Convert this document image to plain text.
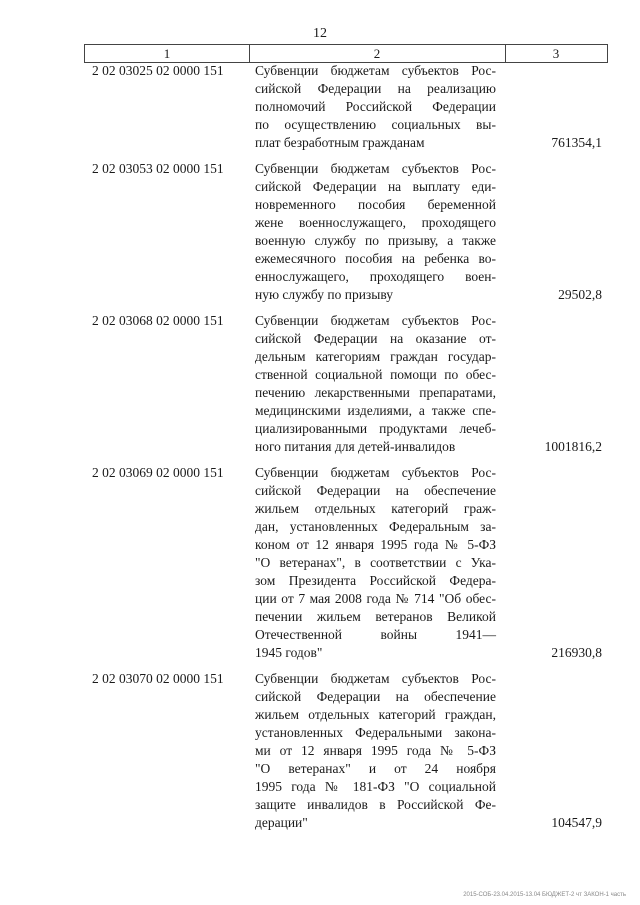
12
1	2	3
2 02 03025 02 0000 151 Субвенции бюджетам субъектов Рос-
сийской Федерации на реализацию
полномочий Российской Федерации
по осуществлению социальных вы-
плат безработным гражданам	761354,1
2 02 03053 02 0000 151 Субвенции бюджетам субъектов Рос-
сийской Федерации на выплату еди-
новременного пособия беременной
жене военнослужащего, проходящего
военную службу по призыву, а также
ежемесячного пособия на ребенка во-
еннослужащего, проходящего воен-
ную службу по призыву	29502,8
2 02 03068 02 0000 151 Субвенции бюджетам субъектов Рос-
сийской Федерации на оказание от-
дельным категориям граждан государ-
ственной социальной помощи по обес-
печению лекарственными препаратами,
медицинскими изделиями, а также спе-
циализированными продуктами лечеб-
ного питания для детей-инвалидов	1001816,2
2 02 03069 02 0000 151 Субвенции бюджетам субъектов Рос-
сийской Федерации на обеспечение
жильем отдельных категорий граж-
дан, установленных Федеральным за-
коном от 12 января 1995 года № 5-ФЗ
"О ветеранах", в соответствии с Ука-
зом Президента Российской Федера-
ции от 7 мая 2008 года № 714 "Об обес-
печении жильем ветеранов Великой
Отечественной войны 1941—
1945 годов"	216930,8
2 02 03070 02 0000 151 Субвенции бюджетам субъектов Рос-
сийской Федерации на обеспечение
жильем отдельных категорий граждан,
установленных Федеральными закона-
ми от 12 января 1995 года № 5-ФЗ
"О ветеранах" и от 24 ноября
1995 года № 181-ФЗ "О социальной
защите инвалидов в Российской Фе-
дерации"	104547,9
2015-СОБ-23.04.2015-13.04 БЮДЖЕТ-2 чт ЗАКОН-1 часть
